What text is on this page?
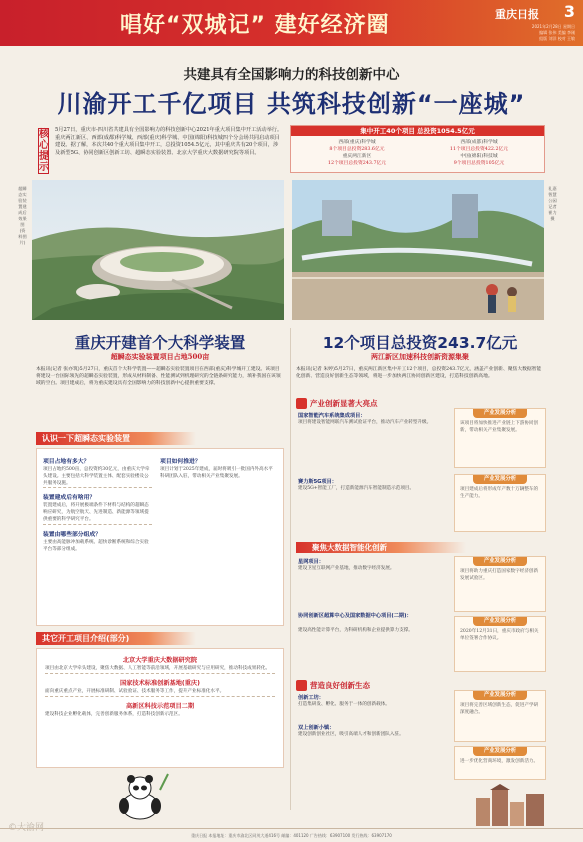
唱好“双城记” 建好经济圈	重庆日报 3
2021年2月28日 星期日
编辑 张伟 美编 李刚
组版 刘洋 校对 王敏
共建具有全国影响力的科技创新中心
川渝开工千亿项目 共筑科技创新“一座城”
核心提示
5月27日，重庆市-四川省共建具有全国影响力的科技创新中心2021年重大项目集中开工活动举行。重庆两江新区、西部(成都)科学城、西部(重庆)科学城、中国(绵阳)科技城四个分会场共同启动项目建设。据了解，本次共40个重大项目集中开工，总投资1054.5亿元，其中重庆共有20个项目，涉及新型5G、协同创新区创新工坊、超瞬态实验装置、北京大学重庆大数据研究院等项目。
集中开工40个项目 总投资1054.5亿元
西部(重庆)科学城
8个项目总投资283.6亿元
重庆两江新区
12个项目总投资243.7亿元
西部(成都)科学城
11个项目总投资422.2亿元
中国(绵阳)科技城
9个项目总投资105亿元
超瞬态实验装置建成后效果图(资料图片)
礼嘉智慧公园 记者 崔力 摄
重庆开建首个大科学装置
超瞬态实验装置项目占地500亩
12个项目总投资243.7亿元
两江新区加速科技创新资源集聚
本报讯(记者 张亦筑)5月27日，重庆首个大科学装置——超瞬态实验装置项目在西部(重庆)科学城开工建设。该项目将建设一台国际领先的超瞬态实验装置，形成从材料制备、性能测试到机理研究的全链条研究能力，填补我国在该领域的空白。项目建成后，将为重庆建设具有全国影响力的科技创新中心提供重要支撑。
本报讯(记者 朱婷)5月27日，重庆两江新区集中开工12个项目，总投资243.7亿元，涵盖产业创新、聚焦大数据智能化创新、营造良好创新生态等领域，将进一步加快两江协同创新区建设，打造科技创新高地。
认识一下超瞬态实验装置
项目占地有多大？
项目占地约500亩，总投资约30亿元，由重庆大学牵头建设。主要包括大科学装置主体、配套实验楼及公共服务设施。
装置建成后有啥用？
装置建成后，将开展极端条件下材料与结构的超瞬态响应研究，为航空航天、先进制造、新能源等领域提供重要的科学研究平台。
装置由哪些部分组成？
主要由高能脉冲加载系统、超快诊断系统和综合实验平台等部分组成。
项目如何推进？
项目计划于2025年建成，届时将吸引一批国内外高水平科研团队入驻，带动相关产业集聚发展。
其它开工项目介绍(部分)
北京大学重庆大数据研究院
项目由北京大学牵头建设，聚焦大数据、人工智能等前沿领域，开展基础研究与应用研究，推动科技成果转化。
国家技术标准创新基地(重庆)
面向重庆重点产业，开展标准研制、试验验证、技术服务等工作，提升产业标准化水平。
高新区科技示范项目二期
建设科技企业孵化载体，完善创新服务体系，打造科技创新示范区。
产业创新显著大亮点
国家智能汽车系统集成项目：
项目将建设智能网联汽车测试验证平台，推动汽车产业转型升级。
赛力斯5G项目：
建设5G+智能工厂，打造新能源汽车智能制造示范项目。
产业发展分析
该项目将加快推进产业链上下游协同创新，带动相关产业集聚发展。
产业发展分析
项目建成后将形成年产数十万辆整车的生产能力。
聚焦大数据智能化创新
星网项目：
建设卫星互联网产业基地，推动数字经济发展。
协同创新区超算中心及国家数据中心项目(二期)：
建设高性能计算平台，为科研机构和企业提供算力支撑。
产业发展分析
项目将助力重庆打造国家数字经济创新发展试验区。
产业发展分析
2020年12月31日，重庆市政府与相关单位签署合作协议。
营造良好创新生态
创新工坊：
打造集研发、孵化、服务于一体的创新载体。
双上创新小镇：
建设创新创业社区，吸引高端人才和创新团队入驻。
产业发展分析
项目将完善区域创新生态，促进产学研深度融合。
产业发展分析
进一步优化营商环境，激发创新活力。
©大渝网
重庆日报 本报地址：重庆市渝北区同茂大道416号 邮编：401120 广告热线：63907100 发行热线：63907170
